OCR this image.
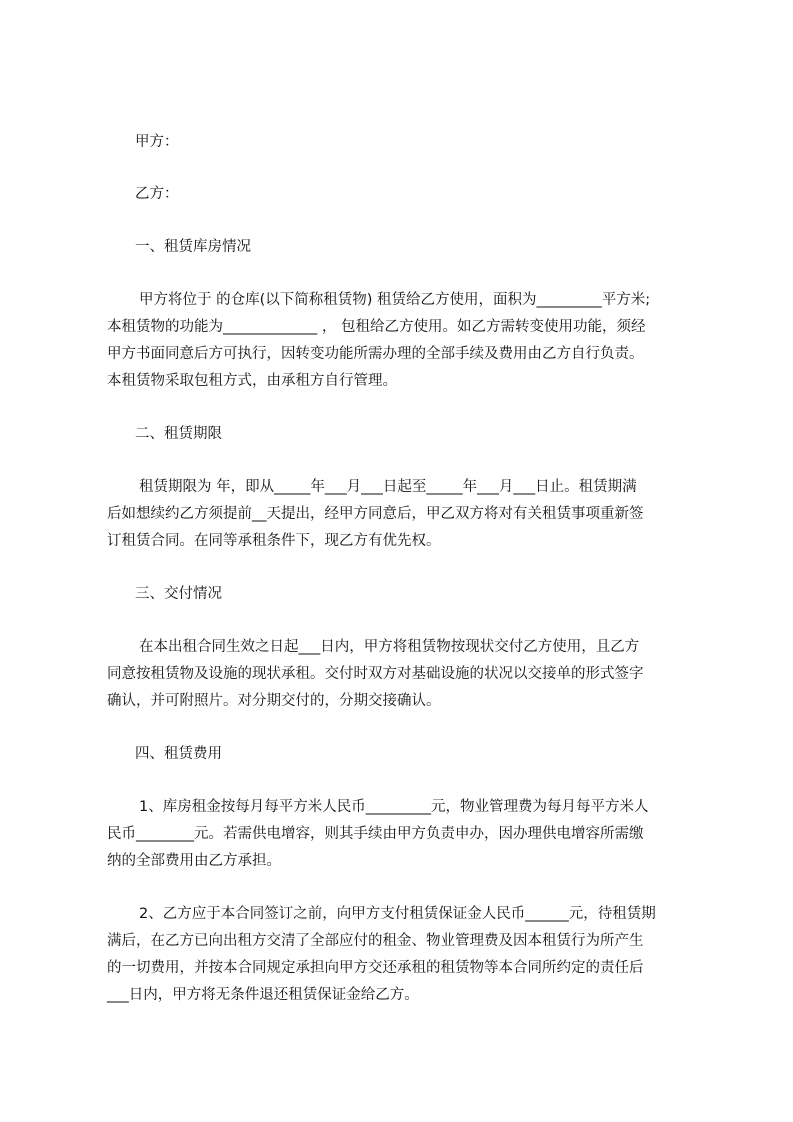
甲方：
乙方：
一、租赁库房情况
甲方将位于 的仓库(以下简称租赁物) 租赁给乙方使用，面积为_________平方米;
本租赁物的功能为_____________ ， 包租给乙方使用。如乙方需转变使用功能，须经
甲方书面同意后方可执行，因转变功能所需办理的全部手续及费用由乙方自行负责。
本租赁物采取包租方式，由承租方自行管理。
二、租赁期限
租赁期限为 年，即从_____年___月___日起至_____年___月___日止。租赁期满
后如想续约乙方须提前__天提出，经甲方同意后，甲乙双方将对有关租赁事项重新签
订租赁合同。在同等承租条件下，现乙方有优先权。
三、交付情况
在本出租合同生效之日起___日内，甲方将租赁物按现状交付乙方使用，且乙方
同意按租赁物及设施的现状承租。交付时双方对基础设施的状况以交接单的形式签字
确认，并可附照片。对分期交付的，分期交接确认。
四、租赁费用
1、库房租金按每月每平方米人民币_________元，物业管理费为每月每平方米人
民币________元。若需供电增容，则其手续由甲方负责申办，因办理供电增容所需缴
纳的全部费用由乙方承担。
2、乙方应于本合同签订之前，向甲方支付租赁保证金人民币______元，待租赁期
满后，在乙方已向出租方交清了全部应付的租金、物业管理费及因本租赁行为所产生
的一切费用，并按本合同规定承担向甲方交还承租的租赁物等本合同所约定的责任后
___日内，甲方将无条件退还租赁保证金给乙方。
